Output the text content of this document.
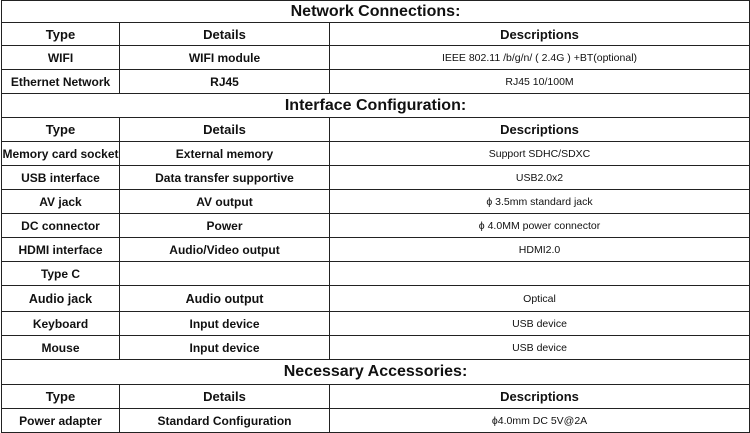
Network Connections:		
Type	Details	Descriptions
WIFI	WIFI module	IEEE 802.11 /b/g/n/ ( 2.4G ) +BT(optional)
Ethernet Network	RJ45	RJ45 10/100M
Interface Configuration:		
Type	Details	Descriptions
Memory card socket	External memory	Support SDHC/SDXC
USB interface	Data transfer supportive	USB2.0x2
AV jack	AV output	ϕ 3.5mm standard jack
DC connector	Power	ϕ 4.0MM power connector
HDMI interface	Audio/Video output	HDMI2.0
Type C		
Audio jack	Audio output	Optical
Keyboard	Input device	USB device
Mouse	Input device	USB device
Necessary Accessories:		
Type	Details	Descriptions
Power adapter	Standard Configuration	ϕ4.0mm DC 5V@2A
